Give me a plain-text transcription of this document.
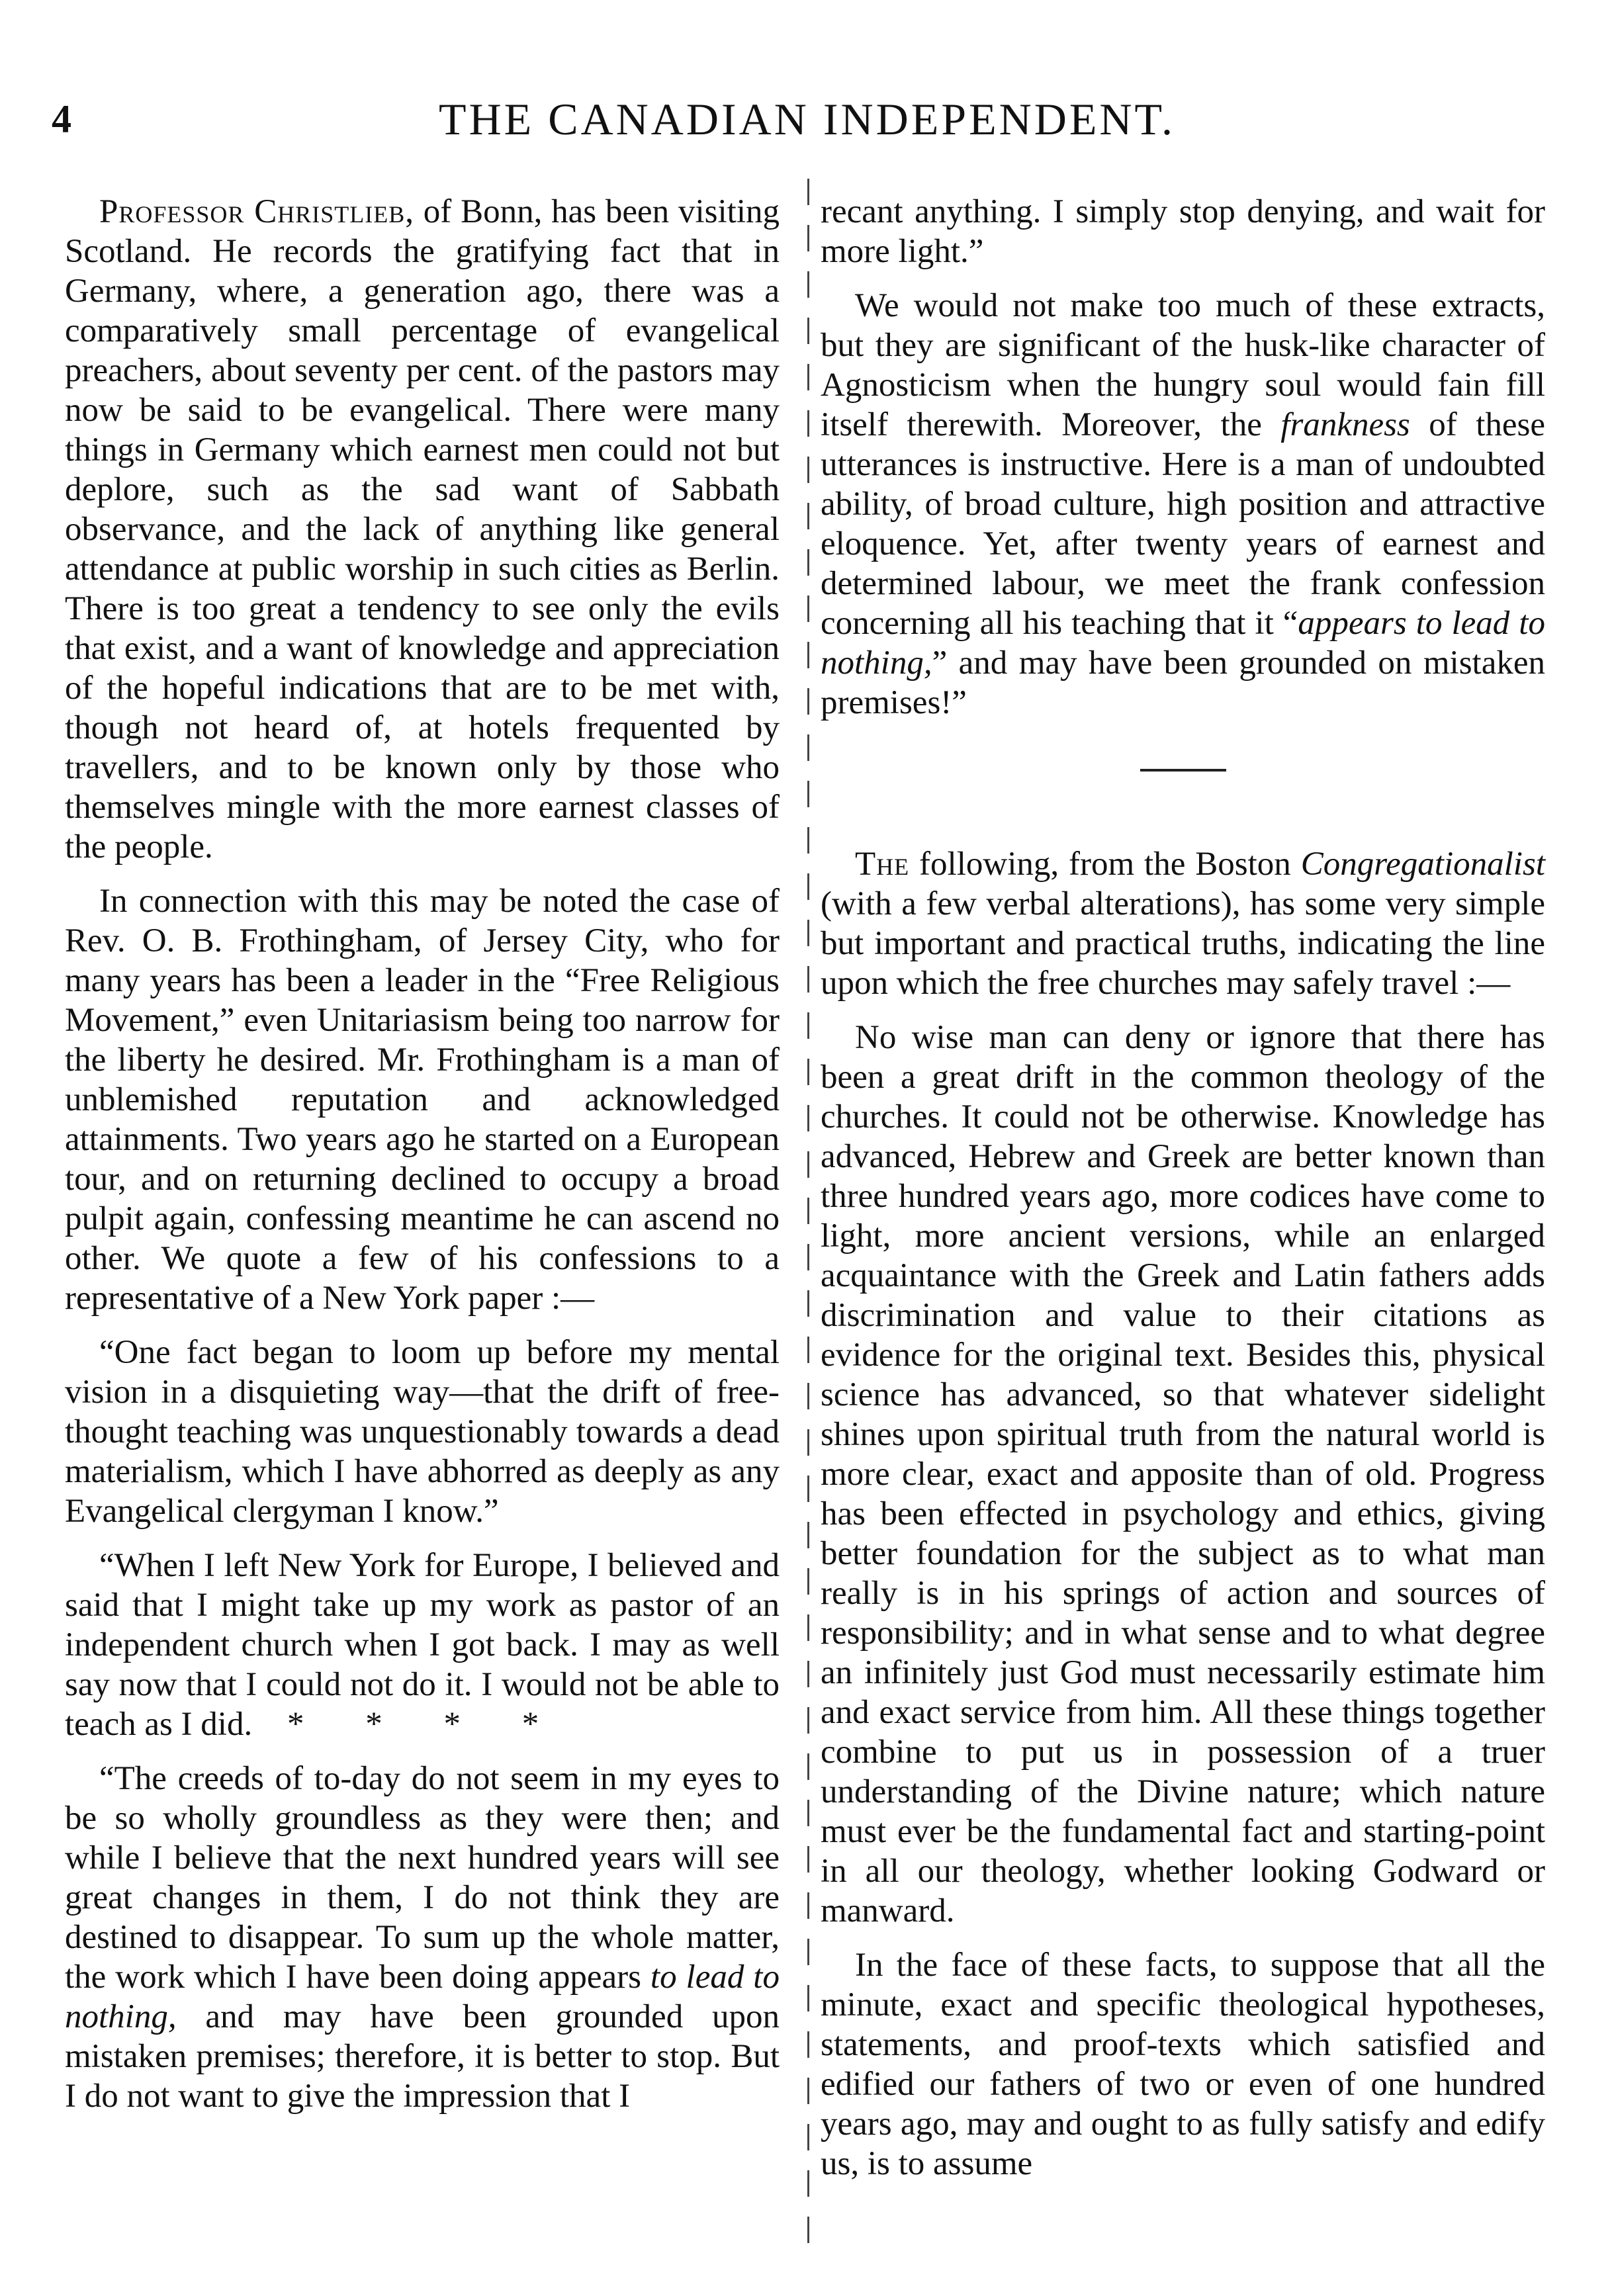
4	THE CANADIAN INDEPENDENT.

Professor Christlieb, of Bonn, has been visiting Scotland. He records the gratifying fact that in Germany, where, a generation ago, there was a comparatively small percentage of evangelical preachers, about seventy per cent. of the pastors may now be said to be evangelical. There were many things in Germany which earnest men could not but deplore, such as the sad want of Sabbath observance, and the lack of anything like general attendance at public worship in such cities as Berlin. There is too great a tendency to see only the evils that exist, and a want of knowledge and appreciation of the hopeful indications that are to be met with, though not heard of, at hotels frequented by travellers, and to be known only by those who themselves mingle with the more earnest classes of the people.

In connection with this may be noted the case of Rev. O. B. Frothingham, of Jersey City, who for many years has been a leader in the “Free Religious Movement,” even Unitariasism being too narrow for the liberty he desired. Mr. Frothingham is a man of unblemished reputation and acknowledged attainments. Two years ago he started on a European tour, and on returning declined to occupy a broad pulpit again, confessing meantime he can ascend no other. We quote a few of his confessions to a representative of a New York paper :—

“One fact began to loom up before my mental vision in a disquieting way—that the drift of free-thought teaching was unquestionably towards a dead materialism, which I have abhorred as deeply as any Evangelical clergyman I know.”

“When I left New York for Europe, I believed and said that I might take up my work as pastor of an independent church when I got back. I may as well say now that I could not do it. I would not be able to teach as I did. * * * *

“The creeds of to-day do not seem in my eyes to be so wholly groundless as they were then; and while I believe that the next hundred years will see great changes in them, I do not think they are destined to disappear. To sum up the whole matter, the work which I have been doing appears to lead to nothing, and may have been grounded upon mistaken premises; therefore, it is better to stop. But I do not want to give the impression that I

recant anything. I simply stop denying, and wait for more light.”

We would not make too much of these extracts, but they are significant of the husk-like character of Agnosticism when the hungry soul would fain fill itself therewith. Moreover, the frankness of these utterances is instructive. Here is a man of undoubted ability, of broad culture, high position and attractive eloquence. Yet, after twenty years of earnest and determined labour, we meet the frank confession concerning all his teaching that it “appears to lead to nothing,” and may have been grounded on mistaken premises!”

The following, from the Boston Congregationalist (with a few verbal alterations), has some very simple but important and practical truths, indicating the line upon which the free churches may safely travel :—

No wise man can deny or ignore that there has been a great drift in the common theology of the churches. It could not be otherwise. Knowledge has advanced, Hebrew and Greek are better known than three hundred years ago, more codices have come to light, more ancient versions, while an enlarged acquaintance with the Greek and Latin fathers adds discrimination and value to their citations as evidence for the original text. Besides this, physical science has advanced, so that whatever sidelight shines upon spiritual truth from the natural world is more clear, exact and apposite than of old. Progress has been effected in psychology and ethics, giving better foundation for the subject as to what man really is in his springs of action and sources of responsibility; and in what sense and to what degree an infinitely just God must necessarily estimate him and exact service from him. All these things together combine to put us in possession of a truer understanding of the Divine nature; which nature must ever be the fundamental fact and starting-point in all our theology, whether looking Godward or manward.

In the face of these facts, to suppose that all the minute, exact and specific theological hypotheses, statements, and proof-texts which satisfied and edified our fathers of two or even of one hundred years ago, may and ought to as fully satisfy and edify us, is to assume
